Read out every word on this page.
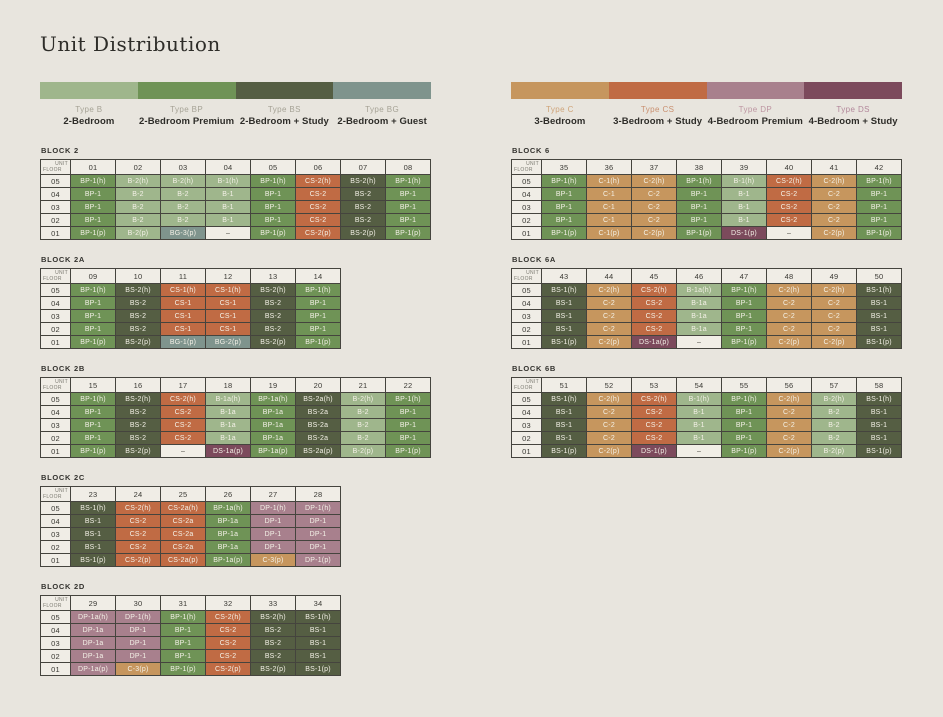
Unit Distribution
Type B
2-Bedroom
Type BP
2-Bedroom Premium
Type BS
2-Bedroom + Study
Type BG
2-Bedroom + Guest
Type C
3-Bedroom
Type CS
3-Bedroom + Study
Type DP
4-Bedroom Premium
Type DS
4-Bedroom + Study
BLOCK 2
UNIT
FLOOR	01	02	03	04	05	06	07	08
05	BP-1(h)	B-2(h)	B-2(h)	B-1(h)	BP-1(h)	CS-2(h)	BS-2(h)	BP-1(h)
04	BP-1	B-2	B-2	B-1	BP-1	CS-2	BS-2	BP-1
03	BP-1	B-2	B-2	B-1	BP-1	CS-2	BS-2	BP-1
02	BP-1	B-2	B-2	B-1	BP-1	CS-2	BS-2	BP-1
01	BP-1(p)	B-2(p)	BG-3(p)	–	BP-1(p)	CS-2(p)	BS-2(p)	BP-1(p)
BLOCK 2A
UNIT
FLOOR	09	10	11	12	13	14
05	BP-1(h)	BS-2(h)	CS-1(h)	CS-1(h)	BS-2(h)	BP-1(h)
04	BP-1	BS-2	CS-1	CS-1	BS-2	BP-1
03	BP-1	BS-2	CS-1	CS-1	BS-2	BP-1
02	BP-1	BS-2	CS-1	CS-1	BS-2	BP-1
01	BP-1(p)	BS-2(p)	BG-1(p)	BG-2(p)	BS-2(p)	BP-1(p)
BLOCK 2B
UNIT
FLOOR	15	16	17	18	19	20	21	22
05	BP-1(h)	BS-2(h)	CS-2(h)	B-1a(h)	BP-1a(h)	BS-2a(h)	B-2(h)	BP-1(h)
04	BP-1	BS-2	CS-2	B-1a	BP-1a	BS-2a	B-2	BP-1
03	BP-1	BS-2	CS-2	B-1a	BP-1a	BS-2a	B-2	BP-1
02	BP-1	BS-2	CS-2	B-1a	BP-1a	BS-2a	B-2	BP-1
01	BP-1(p)	BS-2(p)	–	DS-1a(p)	BP-1a(p)	BS-2a(p)	B-2(p)	BP-1(p)
BLOCK 2C
UNIT
FLOOR	23	24	25	26	27	28
05	BS-1(h)	CS-2(h)	CS-2a(h)	BP-1a(h)	DP-1(h)	DP-1(h)
04	BS-1	CS-2	CS-2a	BP-1a	DP-1	DP-1
03	BS-1	CS-2	CS-2a	BP-1a	DP-1	DP-1
02	BS-1	CS-2	CS-2a	BP-1a	DP-1	DP-1
01	BS-1(p)	CS-2(p)	CS-2a(p)	BP-1a(p)	C-3(p)	DP-1(p)
BLOCK 2D
UNIT
FLOOR	29	30	31	32	33	34
05	DP-1a(h)	DP-1(h)	BP-1(h)	CS-2(h)	BS-2(h)	BS-1(h)
04	DP-1a	DP-1	BP-1	CS-2	BS-2	BS-1
03	DP-1a	DP-1	BP-1	CS-2	BS-2	BS-1
02	DP-1a	DP-1	BP-1	CS-2	BS-2	BS-1
01	DP-1a(p)	C-3(p)	BP-1(p)	CS-2(p)	BS-2(p)	BS-1(p)
BLOCK 6
UNIT
FLOOR	35	36	37	38	39	40	41	42
05	BP-1(h)	C-1(h)	C-2(h)	BP-1(h)	B-1(h)	CS-2(h)	C-2(h)	BP-1(h)
04	BP-1	C-1	C-2	BP-1	B-1	CS-2	C-2	BP-1
03	BP-1	C-1	C-2	BP-1	B-1	CS-2	C-2	BP-1
02	BP-1	C-1	C-2	BP-1	B-1	CS-2	C-2	BP-1
01	BP-1(p)	C-1(p)	C-2(p)	BP-1(p)	DS-1(p)	–	C-2(p)	BP-1(p)
BLOCK 6A
UNIT
FLOOR	43	44	45	46	47	48	49	50
05	BS-1(h)	C-2(h)	CS-2(h)	B-1a(h)	BP-1(h)	C-2(h)	C-2(h)	BS-1(h)
04	BS-1	C-2	CS-2	B-1a	BP-1	C-2	C-2	BS-1
03	BS-1	C-2	CS-2	B-1a	BP-1	C-2	C-2	BS-1
02	BS-1	C-2	CS-2	B-1a	BP-1	C-2	C-2	BS-1
01	BS-1(p)	C-2(p)	DS-1a(p)	–	BP-1(p)	C-2(p)	C-2(p)	BS-1(p)
BLOCK 6B
UNIT
FLOOR	51	52	53	54	55	56	57	58
05	BS-1(h)	C-2(h)	CS-2(h)	B-1(h)	BP-1(h)	C-2(h)	B-2(h)	BS-1(h)
04	BS-1	C-2	CS-2	B-1	BP-1	C-2	B-2	BS-1
03	BS-1	C-2	CS-2	B-1	BP-1	C-2	B-2	BS-1
02	BS-1	C-2	CS-2	B-1	BP-1	C-2	B-2	BS-1
01	BS-1(p)	C-2(p)	DS-1(p)	–	BP-1(p)	C-2(p)	B-2(p)	BS-1(p)
